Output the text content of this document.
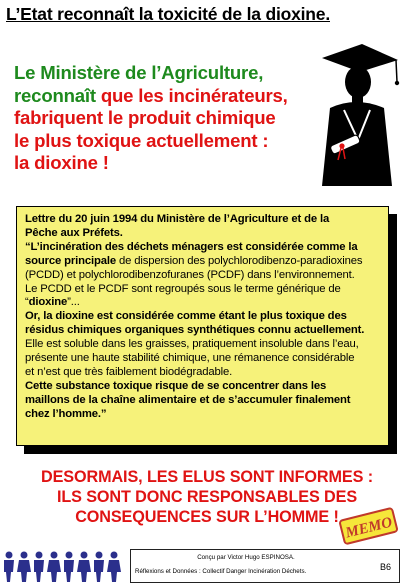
L’Etat reconnaît la toxicité de la dioxine.
Le Ministère de l’Agriculture,
reconnaît que les incinérateurs,
fabriquent le produit chimique
le plus toxique actuellement :
la dioxine !

Lettre du 20 juin 1994 du Ministère de l’Agriculture et de la

Pêche aux Préfets.

“L’incinération des déchets ménagers est considérée comme la

source principale de dispersion des polychlorodibenzo-paradioxines

(PCDD) et polychlorodibenzofuranes (PCDF) dans l’environnement.

Le PCDD et le PCDF sont regroupés sous le terme générique de

“dioxine”...

Or, la dioxine est considérée comme étant le plus toxique des

résidus chimiques organiques synthétiques connu actuellement.

Elle est soluble dans les graisses, pratiquement insoluble dans l’eau,

présente une haute stabilité chimique, une rémanence considérable

et n’est que très faiblement biodégradable.

Cette substance toxique risque de se concentrer dans les

maillons de la chaîne alimentaire et de s’accumuler finalement

chez l’homme.”

DESORMAIS, LES ELUS SONT INFORMES :
ILS SONT DONC RESPONSABLES DES
CONSEQUENCES SUR L’HOMME ! MEMO
Conçu par Victor Hugo ESPINOSA.
Réflexions et Données : Collectif Danger Incinération Déchets.	B6
